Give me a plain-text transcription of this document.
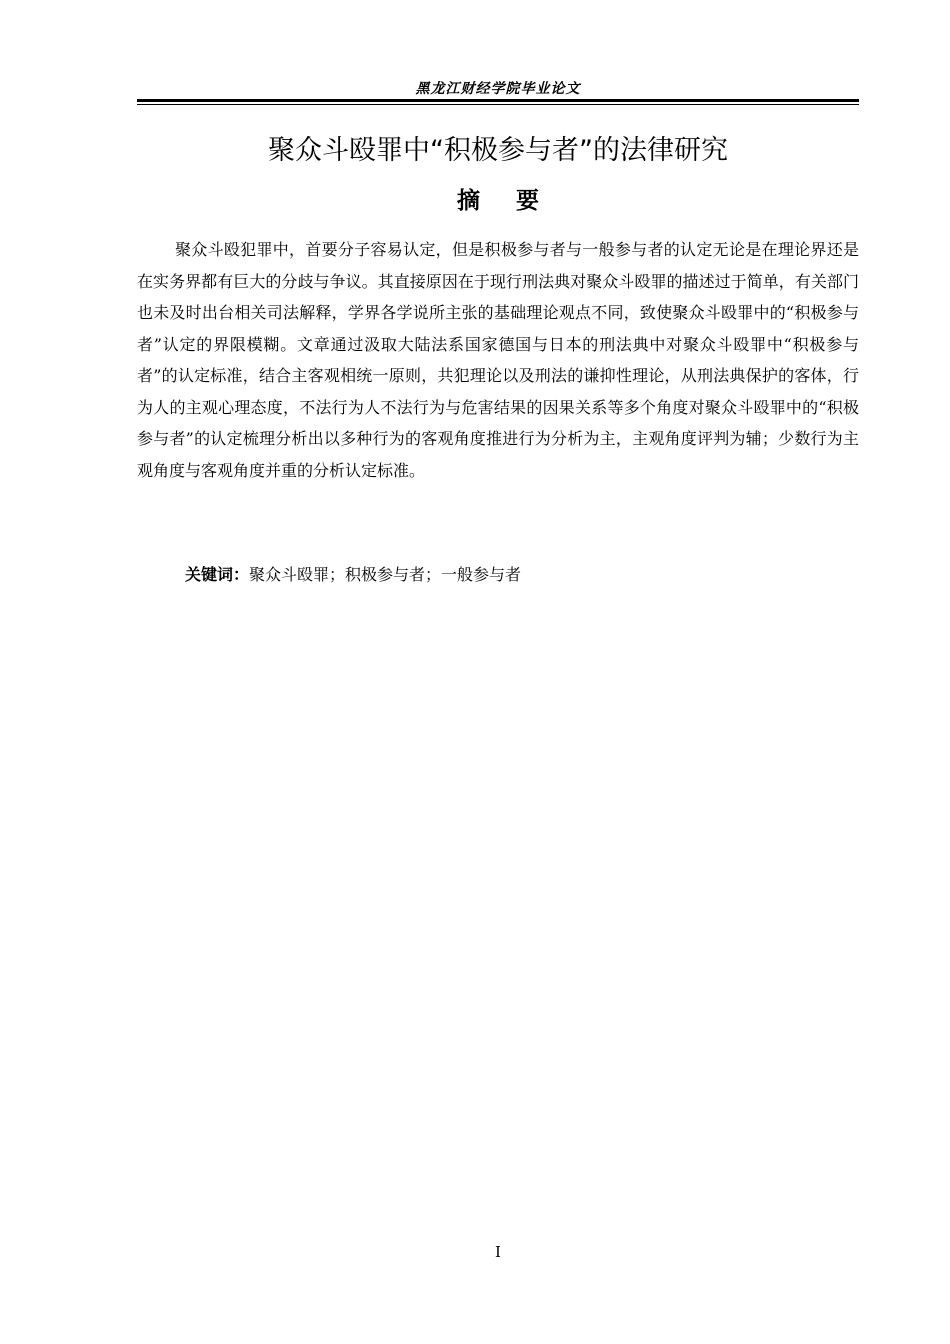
黑龙江财经学院毕业论文
聚众斗殴罪中“积极参与者”的法律研究
摘要

聚众斗殴犯罪中，首要分子容易认定，但是积极参与者与一般参与者的认定无论是在理论界还是在实务界都有巨大的分歧与争议。其直接原因在于现行刑法典对聚众斗殴罪的描述过于简单，有关部门也未及时出台相关司法解释，学界各学说所主张的基础理论观点不同，致使聚众斗殴罪中的“积极参与者”认定的界限模糊。文章通过汲取大陆法系国家德国与日本的刑法典中对聚众斗殴罪中“积极参与者”的认定标准，结合主客观相统一原则，共犯理论以及刑法的谦抑性理论，从刑法典保护的客体，行为人的主观心理态度，不法行为人不法行为与危害结果的因果关系等多个角度对聚众斗殴罪中的“积极参与者”的认定梳理分析出以多种行为的客观角度推进行为分析为主，主观角度评判为辅；少数行为主观角度与客观角度并重的分析认定标准。

关键词：聚众斗殴罪；积极参与者；一般参与者
I
